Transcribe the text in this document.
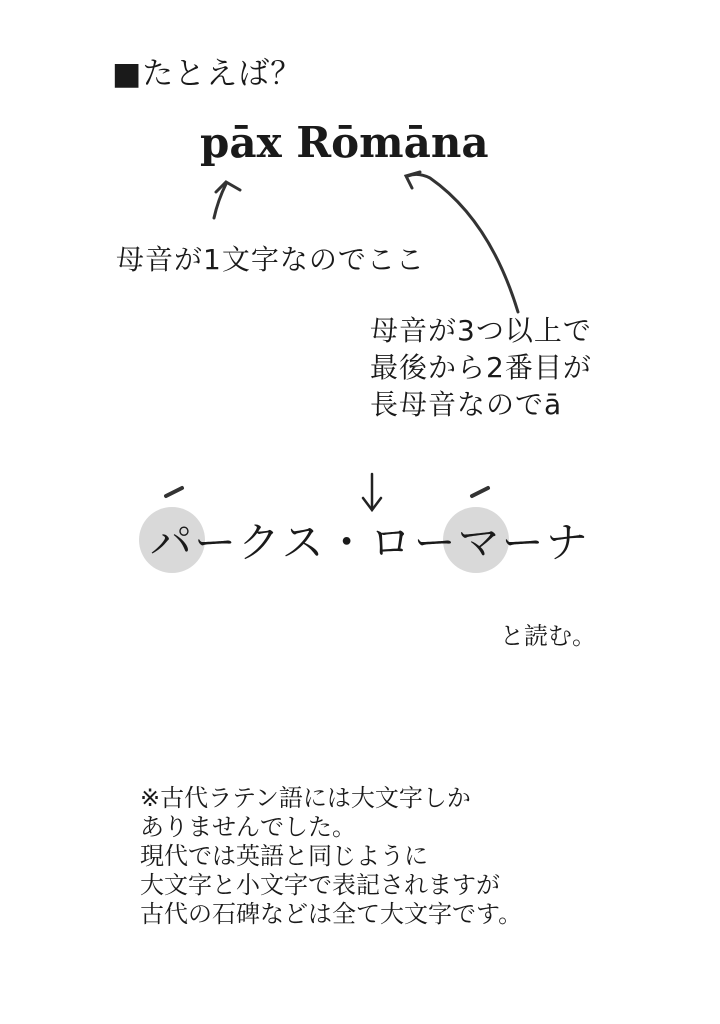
■たとえば？
pāx Rōmāna
母音が1文字なのでここ
母音が3つ以上で
最後から2番目が
長母音なのでā
パークス・ローマーナ
と読む。
※古代ラテン語には大文字しか
ありませんでした。
現代では英語と同じように
大文字と小文字で表記されますが
古代の石碑などは全て大文字です。
